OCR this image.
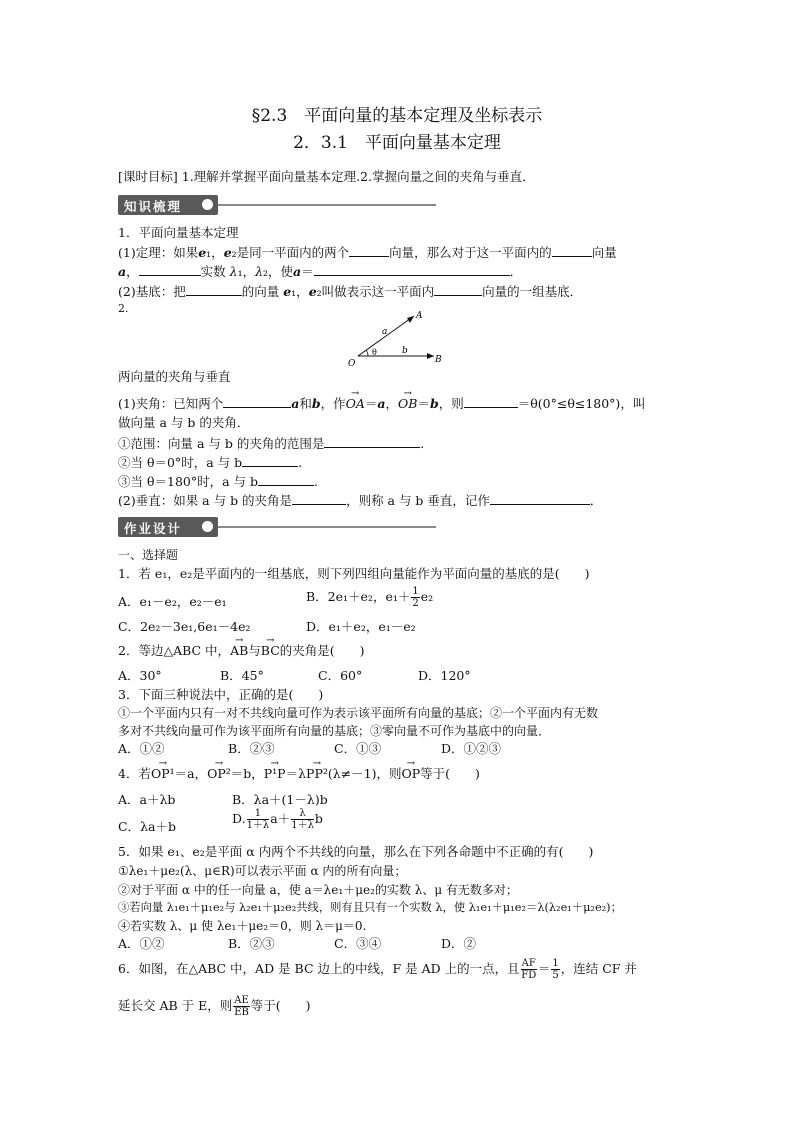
§2.3　平面向量的基本定理及坐标表示
2．3.1　平面向量基本定理
[课时目标] 1.理解并掌握平面向量基本定理.2.掌握向量之间的夹角与垂直．
知识梳理
1．平面向量基本定理
(1)定理：如果e₁，e₂是同一平面内的两个	向量，那么对于这一平面内的	向量
a，	实数 λ₁，λ₂，使a＝	．
(2)基底：把	的向量 e₁，e₂叫做表示这一平面内	向量的一组基底．
2.
A
B
O
a
b
θ
两向量的夹角与垂直
(1)夹角：已知两个	a和b，作→ OA＝a，→ OB＝b，则	＝θ(0°≤θ≤180°)，叫
做向量 a 与 b 的夹角．
①范围：向量 a 与 b 的夹角的范围是	．
②当 θ＝0°时，a 与 b	.
③当 θ＝180°时，a 与 b	.
(2)垂直：如果 a 与 b 的夹角是	，则称 a 与 b 垂直，记作	．
作业设计
一、选择题
1．若 e₁，e₂是平面内的一组基底，则下列四组向量能作为平面向量的基底的是(　　)
A．e₁－e₂，e₂－e₁	B．2e₁＋e₂，$e_1+ \frac{1}{2} e_2$
C．2e₂－3e₁,6e₁－4e₂	D．e₁＋e₂，e₁－e₂
2．等边△ABC 中，→ AB与→ BC的夹角是(　　)
A．30°	B．45°	C．60°	D．120°
3．下面三种说法中，正确的是(　　)
①一个平面内只有一对不共线向量可作为表示该平面所有向量的基底；②一个平面内有无数
多对不共线向量可作为该平面所有向量的基底；③零向量不可作为基底中的向量．
A．①②	B．②③	C．①③	D．①②③
4．若→ OP¹＝a，→ OP²＝b，→ P¹P＝λ→ PP²(λ≠－1)，则→ OP等于(　　)
A．a＋λb	B．λa＋(1－λ)b
C．λa＋b
D. $\frac{1}{1+\lambda} a+ \frac{\lambda}{1+\lambda}$ b
5．如果 e₁、e₂是平面 α 内两个不共线的向量，那么在下列各命题中不正确的有(　　)
①λe₁＋μe₂(λ、μ∈R)可以表示平面 α 内的所有向量；
②对于平面 α 中的任一向量 a，使 a＝λe₁＋μe₂的实数 λ、μ 有无数多对；
③若向量 λ₁e₁＋μ₁e₂与 λ₂e₁＋μ₂e₂共线，则有且只有一个实数 λ，使 λ₁e₁＋μ₁e₂＝λ(λ₂e₁＋μ₂e₂)；
④若实数 λ、μ 使 λe₁＋μe₂＝0，则 λ＝μ＝0.
A．①②	B．②③	C．③④	D．②
6．如图，在△ABC 中，AD 是 BC 边上的中线，F 是 AD 上的一点，且 $\frac{AF}{FD} = \frac{1}{5}$ ，连结 CF 并
延长交 AB 于 E，则 $\frac{AE}{EB}$ 等于(　　)
